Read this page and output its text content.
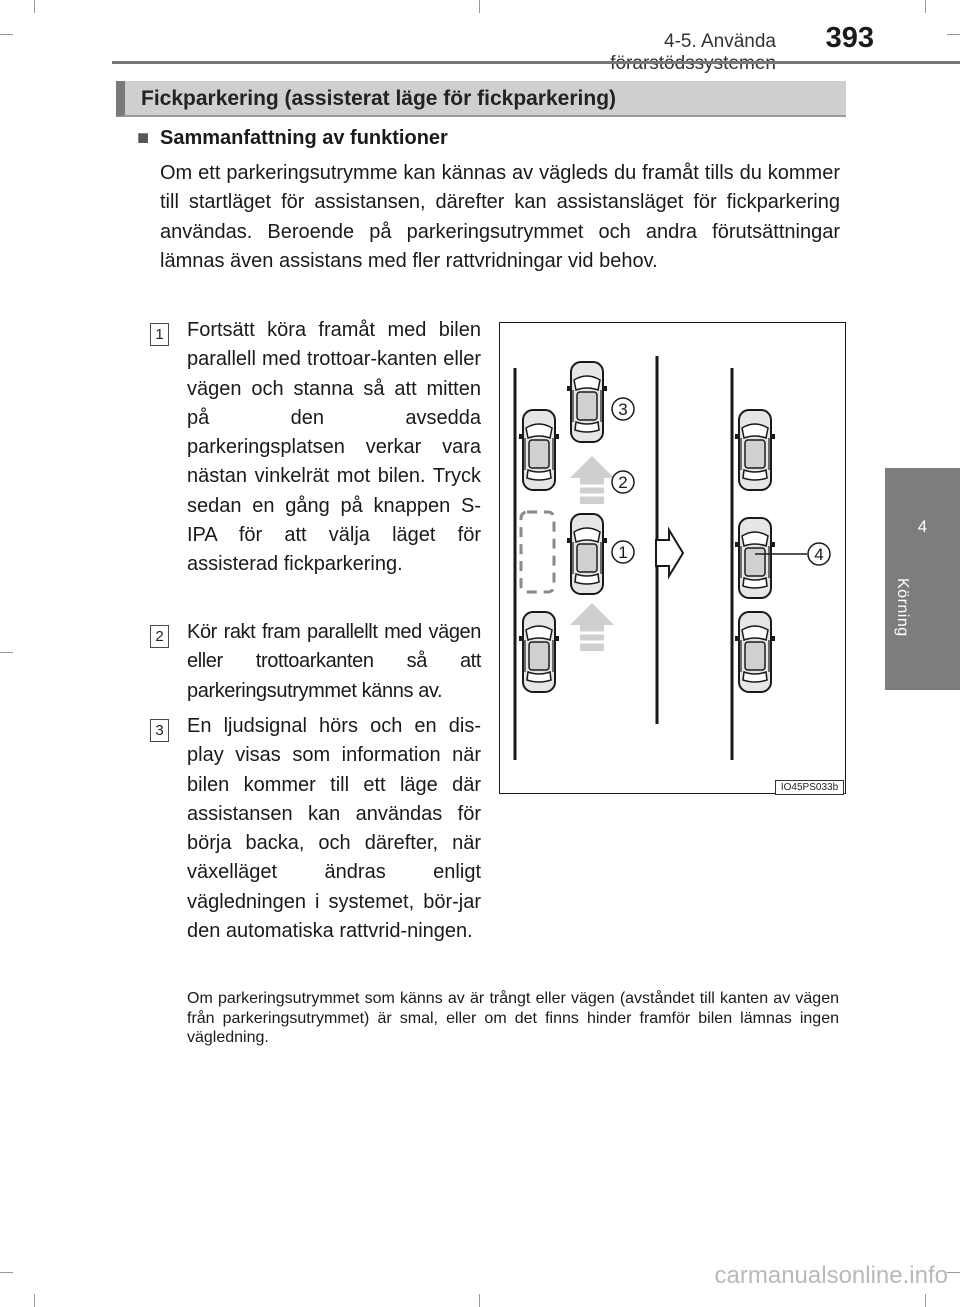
4-5. Använda	393
4
Körning
Fickparkering (assisterat läge för fickparkering)
■ Sammanfattning av funktioner

Om ett parkeringsutrymme kan kännas av vägleds du framåt tills du kommer till startläget för assistansen, därefter kan assistansläget för fickparkering användas. Beroende på parkeringsutrymmet och andra förutsättningar lämnas även assistans med fler rattvridningar vid behov.

1 Fortsätt köra framåt med bilen parallell med trottoar-kanten eller vägen och stanna så att mitten på den avsedda parkeringsplatsen verkar vara nästan vinkelrät mot bilen. Tryck sedan en gång på knappen S-IPA för att välja läget för assisterad fickparkering.

2 Kör rakt fram parallellt med vägen eller trottoarkanten så att parkeringsutrymmet känns av.

3 En ljudsignal hörs och en dis-play visas som information när bilen kommer till ett läge där assistansen kan användas för börja backa, och därefter, när växelläget ändras enligt vägledningen i systemet, bör-jar den automatiska rattvrid-ningen.

3
2
1	4
IO45PS033b

Om parkeringsutrymmet som känns av är trångt eller vägen (avståndet till kanten av vägen från parkeringsutrymmet) är smal, eller om det finns hinder framför bilen lämnas ingen vägledning.

carmanualsonline.info
